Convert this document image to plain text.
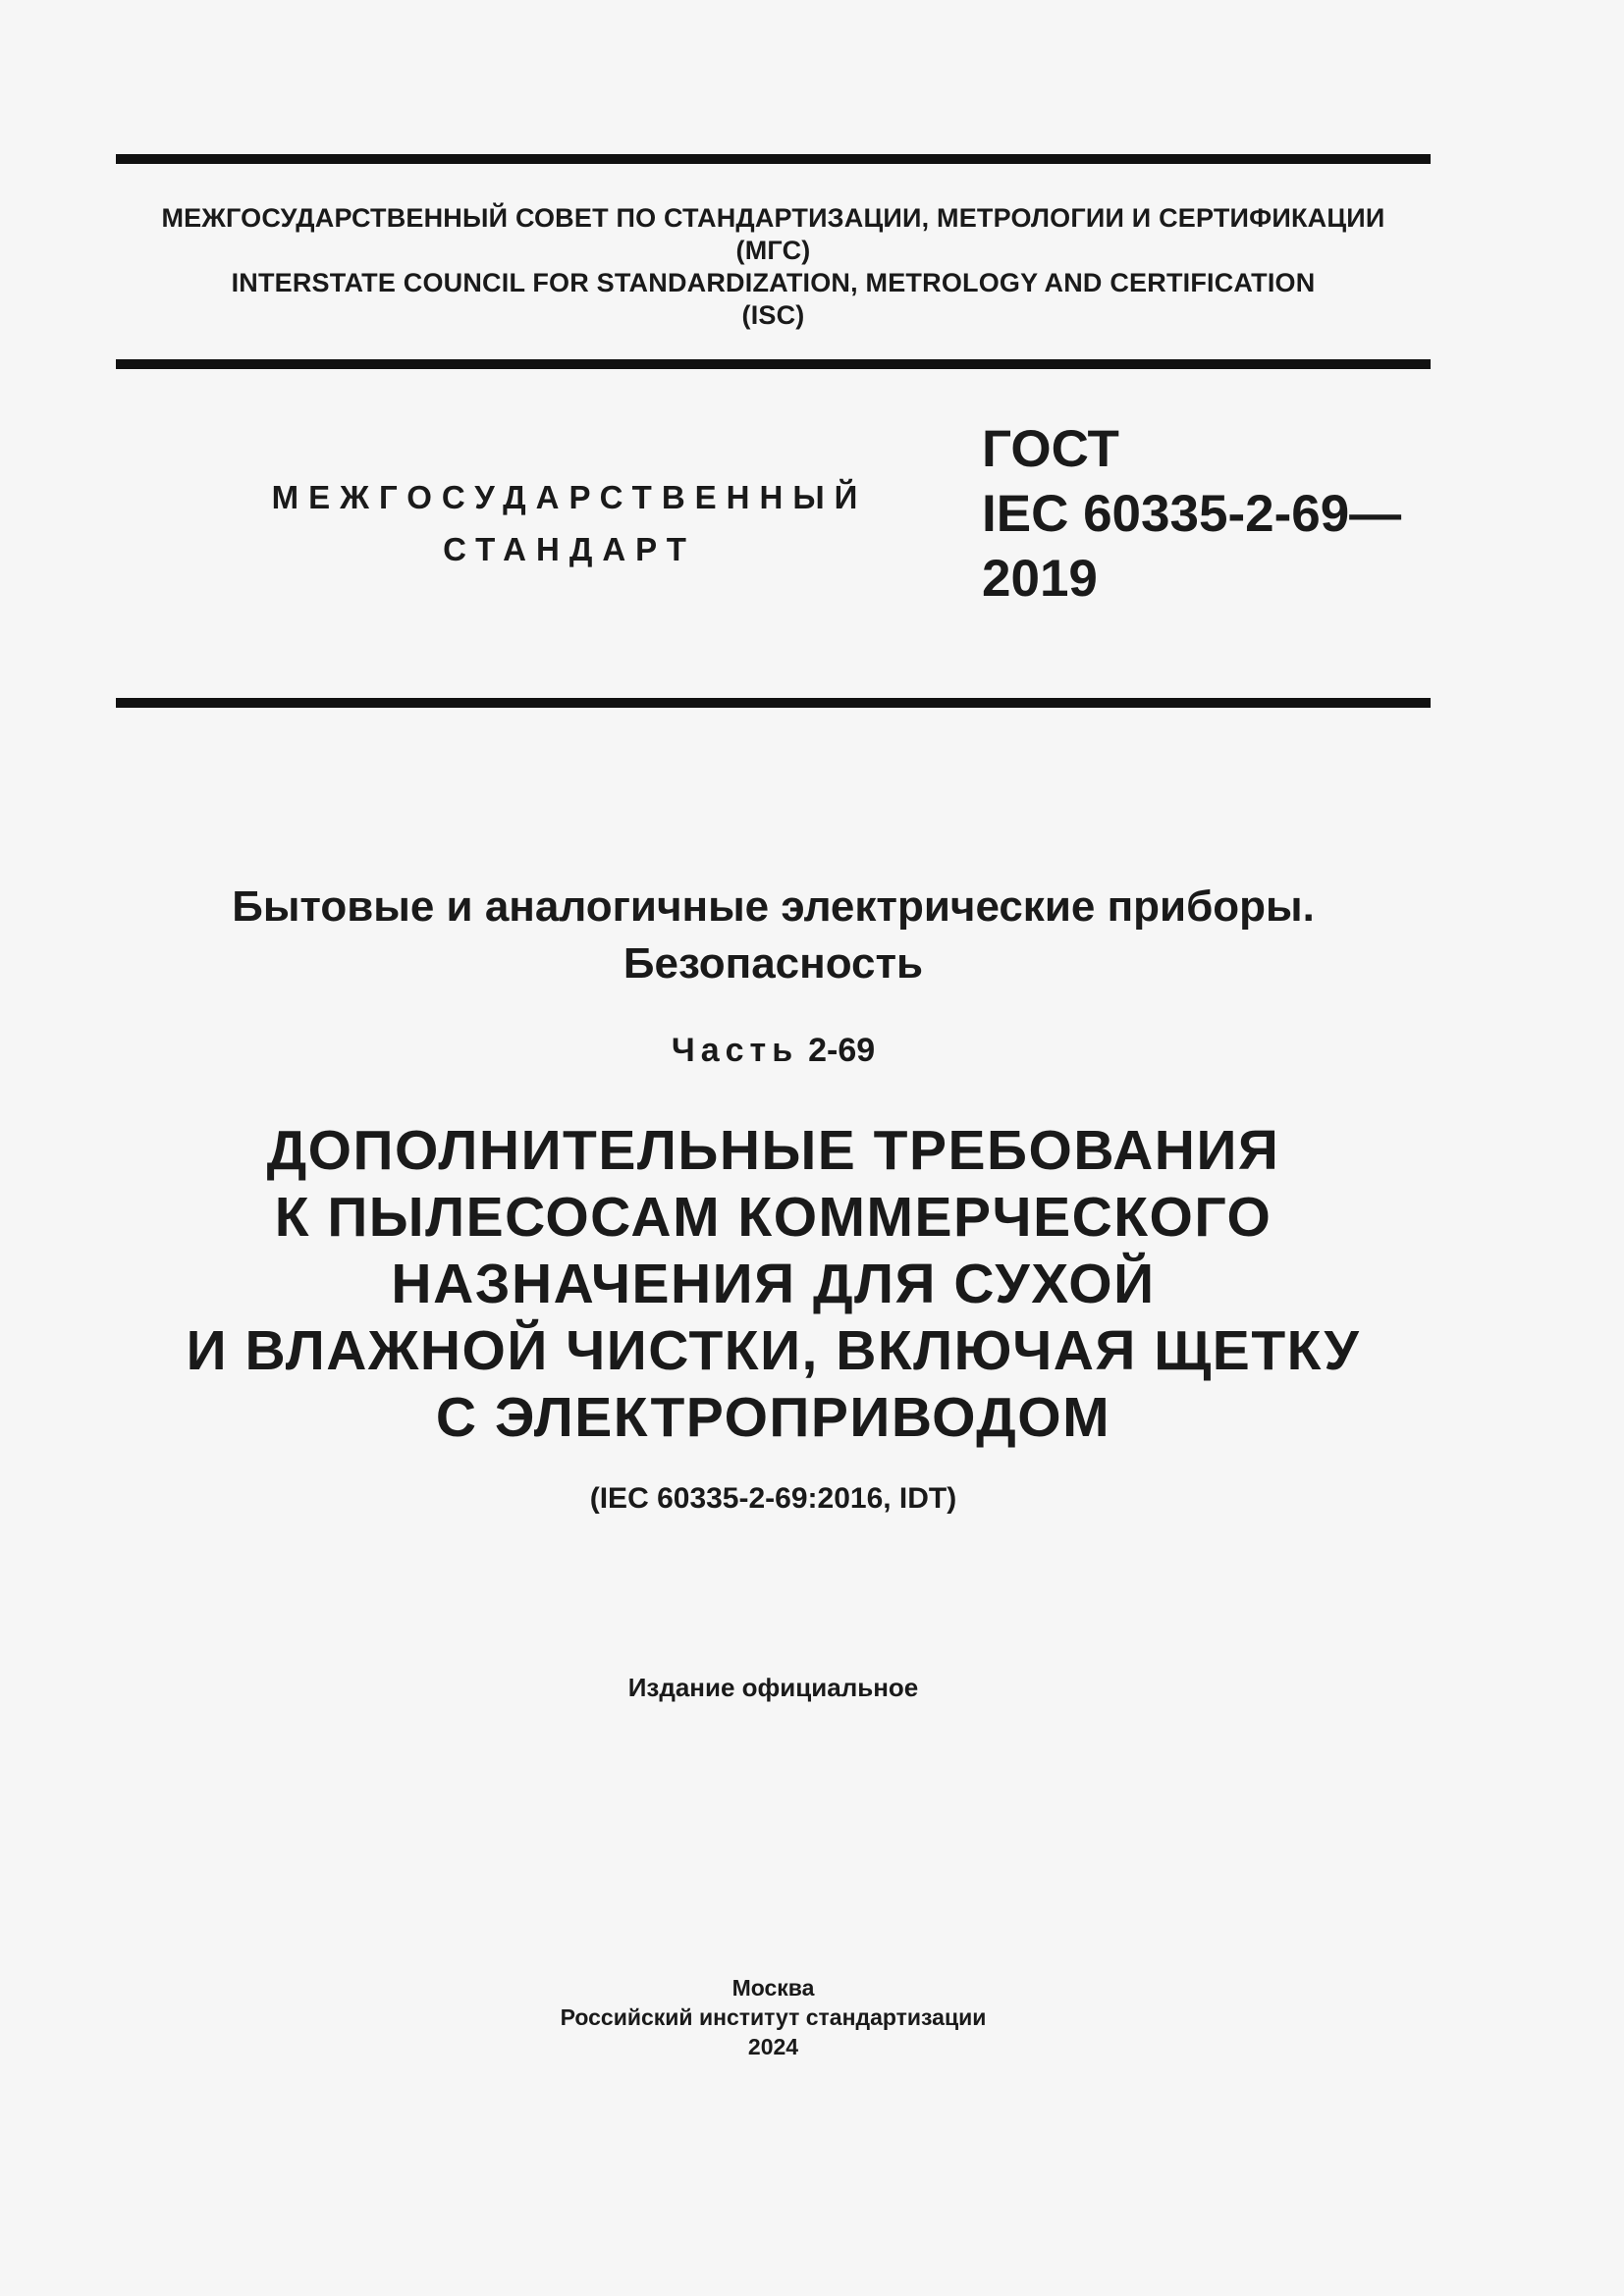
МЕЖГОСУДАРСТВЕННЫЙ СОВЕТ ПО СТАНДАРТИЗАЦИИ, МЕТРОЛОГИИ И СЕРТИФИКАЦИИ
(МГС)
INTERSTATE COUNCIL FOR STANDARDIZATION, METROLOGY AND CERTIFICATION
(ISC)
МЕЖГОСУДАРСТВЕННЫЙ
СТАНДАРТ
ГОСТ
IEC 60335-2-69—
2019
Бытовые и аналогичные электрические приборы.
Безопасность
Часть 2-69
ДОПОЛНИТЕЛЬНЫЕ ТРЕБОВАНИЯ
К ПЫЛЕСОСАМ КОММЕРЧЕСКОГО
НАЗНАЧЕНИЯ ДЛЯ СУХОЙ
И ВЛАЖНОЙ ЧИСТКИ, ВКЛЮЧАЯ ЩЕТКУ
С ЭЛЕКТРОПРИВОДОМ
(IEC 60335-2-69:2016, IDT)
Издание официальное
Москва
Российский институт стандартизации
2024
